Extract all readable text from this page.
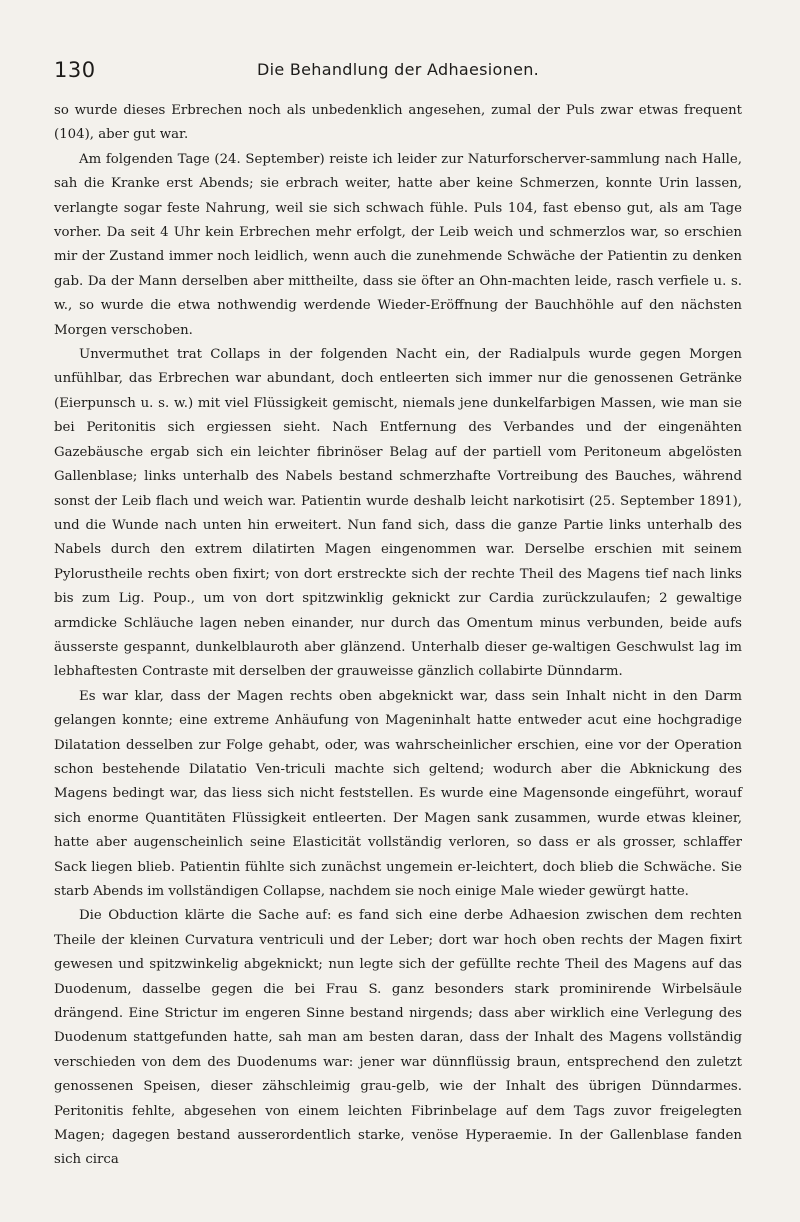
130	Die Behandlung der Adhaesionen.

so wurde dieses Erbrechen noch als unbedenklich angesehen, zumal der Puls zwar etwas frequent (104), aber gut war.

Am folgenden Tage (24. September) reiste ich leider zur Naturforscherver-sammlung nach Halle, sah die Kranke erst Abends; sie erbrach weiter, hatte aber keine Schmerzen, konnte Urin lassen, verlangte sogar feste Nahrung, weil sie sich schwach fühle. Puls 104, fast ebenso gut, als am Tage vorher. Da seit 4 Uhr kein Erbrechen mehr erfolgt, der Leib weich und schmerzlos war, so erschien mir der Zustand immer noch leidlich, wenn auch die zunehmende Schwäche der Patientin zu denken gab. Da der Mann derselben aber mittheilte, dass sie öfter an Ohn-machten leide, rasch verfiele u. s. w., so wurde die etwa nothwendig werdende Wieder-Eröffnung der Bauchhöhle auf den nächsten Morgen verschoben.

Unvermuthet trat Collaps in der folgenden Nacht ein, der Radialpuls wurde gegen Morgen unfühlbar, das Erbrechen war abundant, doch entleerten sich immer nur die genossenen Getränke (Eierpunsch u. s. w.) mit viel Flüssigkeit gemischt, niemals jene dunkelfarbigen Massen, wie man sie bei Peritonitis sich ergiessen sieht. Nach Entfernung des Verbandes und der eingenähten Gazebäusche ergab sich ein leichter fibrinöser Belag auf der partiell vom Peritoneum abgelösten Gallenblase; links unterhalb des Nabels bestand schmerzhafte Vortreibung des Bauches, während sonst der Leib flach und weich war. Patientin wurde deshalb leicht narkotisirt (25. September 1891), und die Wunde nach unten hin erweitert. Nun fand sich, dass die ganze Partie links unterhalb des Nabels durch den extrem dilatirten Magen eingenommen war. Derselbe erschien mit seinem Pylorustheile rechts oben fixirt; von dort erstreckte sich der rechte Theil des Magens tief nach links bis zum Lig. Poup., um von dort spitzwinklig geknickt zur Cardia zurückzulaufen; 2 gewaltige armdicke Schläuche lagen neben einander, nur durch das Omentum minus verbunden, beide aufs äusserste gespannt, dunkelblauroth aber glänzend. Unterhalb dieser ge-waltigen Geschwulst lag im lebhaftesten Contraste mit derselben der grauweisse gänzlich collabirte Dünndarm.

Es war klar, dass der Magen rechts oben abgeknickt war, dass sein Inhalt nicht in den Darm gelangen konnte; eine extreme Anhäufung von Mageninhalt hatte entweder acut eine hochgradige Dilatation desselben zur Folge gehabt, oder, was wahrscheinlicher erschien, eine vor der Operation schon bestehende Dilatatio Ven-triculi machte sich geltend; wodurch aber die Abknickung des Magens bedingt war, das liess sich nicht feststellen. Es wurde eine Magensonde eingeführt, worauf sich enorme Quantitäten Flüssigkeit entleerten. Der Magen sank zusammen, wurde etwas kleiner, hatte aber augenscheinlich seine Elasticität vollständig verloren, so dass er als grosser, schlaffer Sack liegen blieb. Patientin fühlte sich zunächst ungemein er-leichtert, doch blieb die Schwäche. Sie starb Abends im vollständigen Collapse, nachdem sie noch einige Male wieder gewürgt hatte.

Die Obduction klärte die Sache auf: es fand sich eine derbe Adhaesion zwischen dem rechten Theile der kleinen Curvatura ventriculi und der Leber; dort war hoch oben rechts der Magen fixirt gewesen und spitzwinkelig abgeknickt; nun legte sich der gefüllte rechte Theil des Magens auf das Duodenum, dasselbe gegen die bei Frau S. ganz besonders stark prominirende Wirbelsäule drängend. Eine Strictur im engeren Sinne bestand nirgends; dass aber wirklich eine Verlegung des Duodenum stattgefunden hatte, sah man am besten daran, dass der Inhalt des Magens vollständig verschieden von dem des Duodenums war: jener war dünnflüssig braun, entsprechend den zuletzt genossenen Speisen, dieser zähschleimig grau-gelb, wie der Inhalt des übrigen Dünndarmes. Peritonitis fehlte, abgesehen von einem leichten Fibrinbelage auf dem Tags zuvor freigelegten Magen; dagegen bestand ausserordentlich starke, venöse Hyperaemie. In der Gallenblase fanden sich circa
